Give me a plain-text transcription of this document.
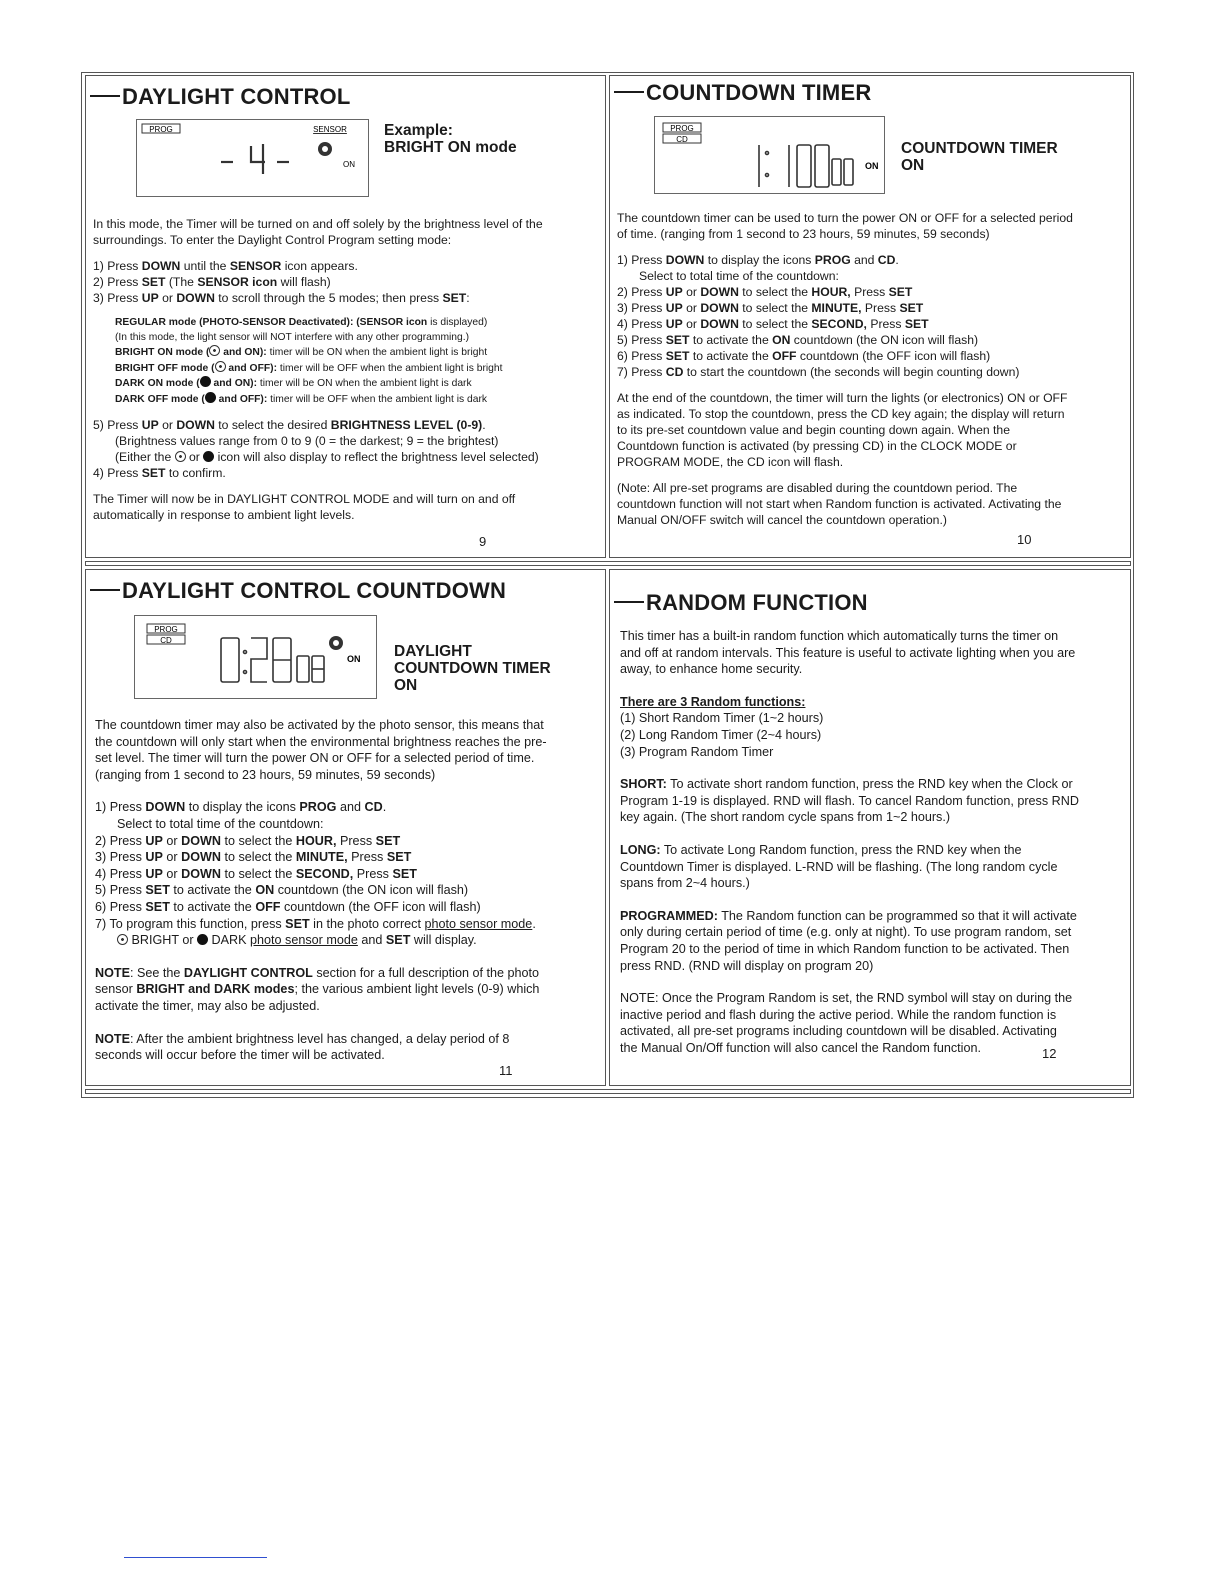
DAYLIGHT CONTROL
PROG	SENSOR
ON
Example:
BRIGHT ON mode
In this mode, the Timer will be turned on and off solely by the brightness level of the
surroundings. To enter the Daylight Control Program setting mode:
1) Press DOWN until the SENSOR icon appears.
2) Press SET (The SENSOR icon will flash)
3) Press UP or DOWN to scroll through the 5 modes; then press SET:
REGULAR mode (PHOTO-SENSOR Deactivated): (SENSOR icon is displayed)
(In this mode, the light sensor will NOT interfere with any other programming.)
BRIGHT ON mode ( and ON): timer will be ON when the ambient light is bright
BRIGHT OFF mode ( and OFF): timer will be OFF when the ambient light is bright
DARK ON mode ( and ON): timer will be ON when the ambient light is dark
DARK OFF mode ( and OFF): timer will be OFF when the ambient light is dark
5) Press UP or DOWN to select the desired BRIGHTNESS LEVEL (0-9).
(Brightness values range from 0 to 9 (0 = the darkest; 9 = the brightest)
(Either the  or  icon will also display to reflect the brightness level selected)
4) Press SET to confirm.
The Timer will now be in DAYLIGHT CONTROL MODE and will turn on and off
automatically in response to ambient light levels.
9
COUNTDOWN TIMER
PROG
CD
ON
COUNTDOWN TIMER
ON
The countdown timer can be used to turn the power ON or OFF for a selected period
of time. (ranging from 1 second to 23 hours, 59 minutes, 59 seconds)
1) Press DOWN to display the icons PROG and CD.
Select to total time of the countdown:
2) Press UP or DOWN to select the HOUR, Press SET
3) Press UP or DOWN to select the MINUTE, Press SET
4) Press UP or DOWN to select the SECOND, Press SET
5) Press SET to activate the ON countdown (the ON icon will flash)
6) Press SET to activate the OFF countdown (the OFF icon will flash)
7) Press CD to start the countdown (the seconds will begin counting down)
At the end of the countdown, the timer will turn the lights (or electronics) ON or OFF
as indicated. To stop the countdown, press the CD key again; the display will return
to its pre-set countdown value and begin counting down again. When the
Countdown function is activated (by pressing CD) in the CLOCK MODE or
PROGRAM MODE, the CD icon will flash.
(Note: All pre-set programs are disabled during the countdown period. The
countdown function will not start when Random function is activated. Activating the
Manual ON/OFF switch will cancel the countdown operation.)
10
DAYLIGHT CONTROL COUNTDOWN
PROG
CD
ON DAYLIGHT
COUNTDOWN TIMER
ON
The countdown timer may also be activated by the photo sensor, this means that
the countdown will only start when the environmental brightness reaches the pre-
set level. The timer will turn the power ON or OFF for a selected period of time.
(ranging from 1 second to 23 hours, 59 minutes, 59 seconds)
1) Press DOWN to display the icons PROG and CD.
Select to total time of the countdown:
2) Press UP or DOWN to select the HOUR, Press SET
3) Press UP or DOWN to select the MINUTE, Press SET
4) Press UP or DOWN to select the SECOND, Press SET
5) Press SET to activate the ON countdown (the ON icon will flash)
6) Press SET to activate the OFF countdown (the OFF icon will flash)
7) To program this function, press SET in the photo correct photo sensor mode.
BRIGHT or  DARK photo sensor mode and SET will display.
NOTE: See the DAYLIGHT CONTROL section for a full description of the photo
sensor BRIGHT and DARK modes; the various ambient light levels (0-9) which
activate the timer, may also be adjusted.
NOTE: After the ambient brightness level has changed, a delay period of 8
seconds will occur before the timer will be activated.
11
RANDOM FUNCTION
This timer has a built-in random function which automatically turns the timer on
and off at random intervals. This feature is useful to activate lighting when you are
away, to enhance home security.
There are 3 Random functions:
(1) Short Random Timer (1~2 hours)
(2) Long Random Timer (2~4 hours)
(3) Program Random Timer
SHORT: To activate short random function, press the RND key when the Clock or
Program 1-19 is displayed. RND will flash. To cancel Random function, press RND
key again. (The short random cycle spans from 1~2 hours.)
LONG: To activate Long Random function, press the RND key when the
Countdown Timer is displayed. L-RND will be flashing. (The long random cycle
spans from 2~4 hours.)
PROGRAMMED: The Random function can be programmed so that it will activate
only during certain period of time (e.g. only at night). To use program random, set
Program 20 to the period of time in which Random function to be activated. Then
press RND. (RND will display on program 20)
NOTE: Once the Program Random is set, the RND symbol will stay on during the
inactive period and flash during the active period. While the random function is
activated, all pre-set programs including countdown will be disabled. Activating
the Manual On/Off function will also cancel the Random function.	12
